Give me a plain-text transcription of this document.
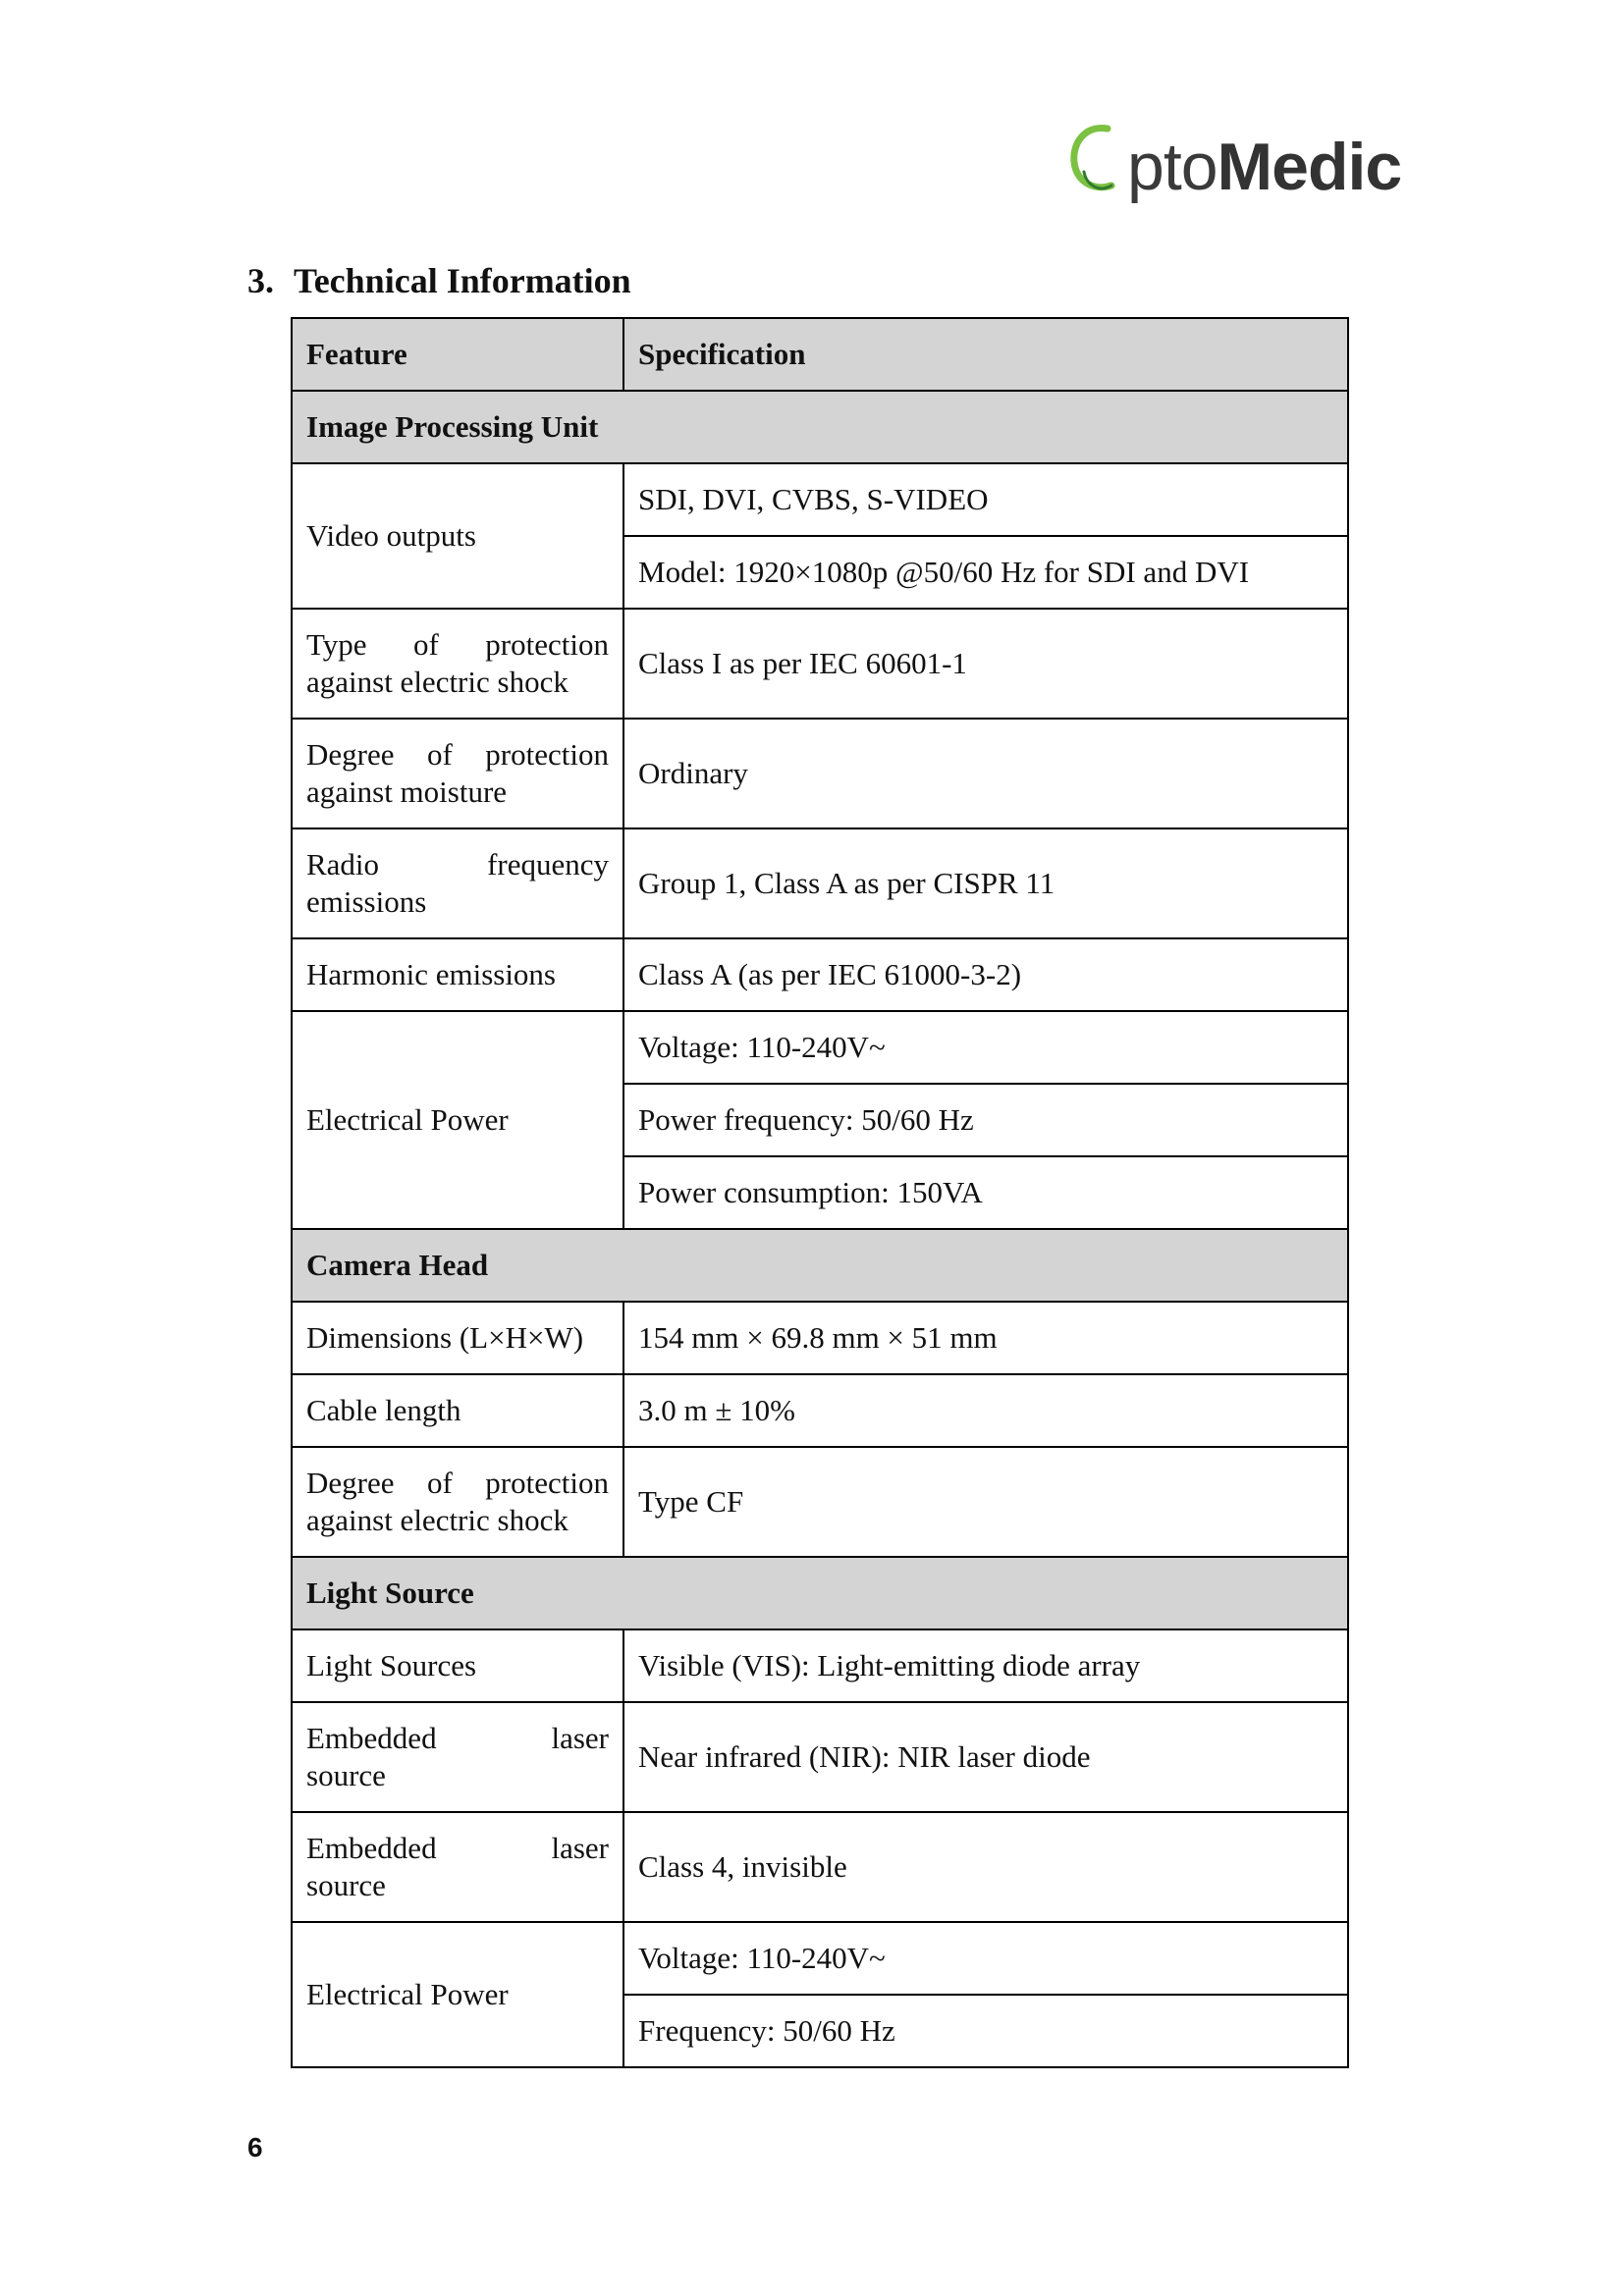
pto Medic
3. Technical Information
Feature	Specification
Image Processing Unit	
Video outputs	SDI, DVI, CVBS, S-VIDEO
	Model: 1920×1080p @50/60 Hz for SDI and DVI

Type of protection
against electric shock	Class I as per IEC 60601-1

Degree of protection
against moisture	Ordinary

Radio frequency
emissions	Group 1, Class A as per CISPR 11
Harmonic emissions	Class A (as per IEC 61000-3-2)
Electrical Power	Voltage: 110-240V~
	Power frequency: 50/60 Hz
	Power consumption: 150VA
Camera Head	
Dimensions (L×H×W)	154 mm × 69.8 mm × 51 mm
Cable length	3.0 m ± 10%

Degree of protection
against electric shock	Type CF
Light Source	
Light Sources	Visible (VIS): Light-emitting diode array

Embedded laser
source	Near infrared (NIR): NIR laser diode

Embedded laser
source	Class 4, invisible
Electrical Power	Voltage: 110-240V~
	Frequency: 50/60 Hz
6
